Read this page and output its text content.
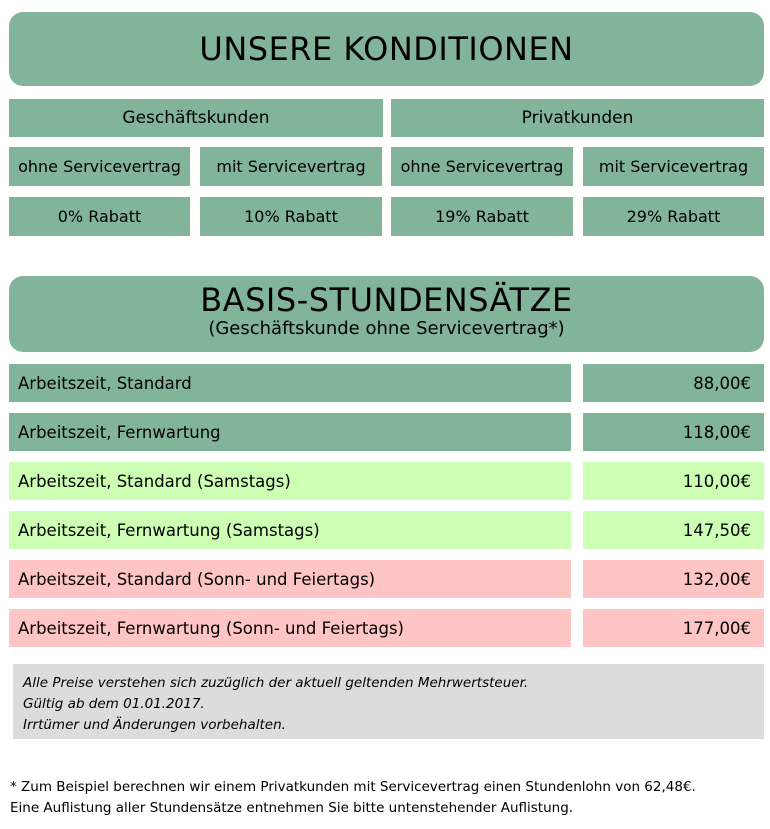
UNSERE KONDITIONEN
Geschäftskunden	Privatkunden
ohne Servicevertrag	mit Servicevertrag	ohne Servicevertrag	mit Servicevertrag
0% Rabatt	10% Rabatt	19% Rabatt	29% Rabatt
BASIS-STUNDENSÄTZE
(Geschäftskunde ohne Servicevertrag*)
Arbeitszeit, Standard	88,00€
Arbeitszeit, Fernwartung	118,00€
Arbeitszeit, Standard (Samstags)	110,00€
Arbeitszeit, Fernwartung (Samstags)	147,50€
Arbeitszeit, Standard (Sonn- und Feiertags)	132,00€
Arbeitszeit, Fernwartung (Sonn- und Feiertags)	177,00€
Alle Preise verstehen sich zuzüglich der aktuell geltenden Mehrwertsteuer.
Gültig ab dem 01.01.2017.
Irrtümer und Änderungen vorbehalten.
* Zum Beispiel berechnen wir einem Privatkunden mit Servicevertrag einen Stundenlohn von 62,48€.
Eine Auflistung aller Stundensätze entnehmen Sie bitte untenstehender Auflistung.
